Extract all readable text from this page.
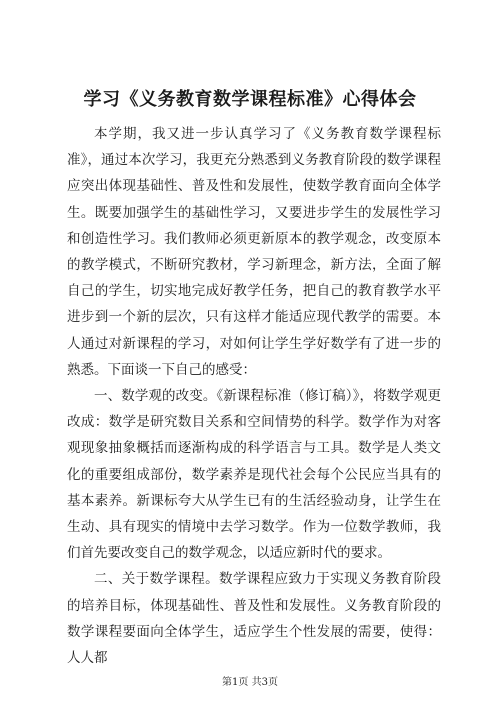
学习《义务教育数学课程标准》心得体会

本学期，我又进一步认真学习了《义务教育数学课程标准》，通过本次学习，我更充分熟悉到义务教育阶段的数学课程应突出体现基础性、普及性和发展性，使数学教育面向全体学生。既要加强学生的基础性学习，又要进步学生的发展性学习和创造性学习。我们教师必须更新原本的教学观念，改变原本的教学模式，不断研究教材，学习新理念，新方法，全面了解自己的学生，切实地完成好教学任务，把自己的教育教学水平进步到一个新的层次，只有这样才能适应现代教学的需要。本人通过对新课程的学习，对如何让学生学好数学有了进一步的熟悉。下面谈一下自己的感受：

一、数学观的改变。《新课程标准（修订稿）》，将数学观更改成：数学是研究数目关系和空间情势的科学。数学作为对客观现象抽象概括而逐渐构成的科学语言与工具。数学是人类文化的重要组成部份，数学素养是现代社会每个公民应当具有的基本素养。新课标夸大从学生已有的生活经验动身，让学生在生动、具有现实的情境中去学习数学。作为一位数学教师，我们首先要改变自己的数学观念，以适应新时代的要求。

二、关于数学课程。数学课程应致力于实现义务教育阶段的培养目标，体现基础性、普及性和发展性。义务教育阶段的数学课程要面向全体学生，适应学生个性发展的需要，使得：人人都

第1页 共3页
